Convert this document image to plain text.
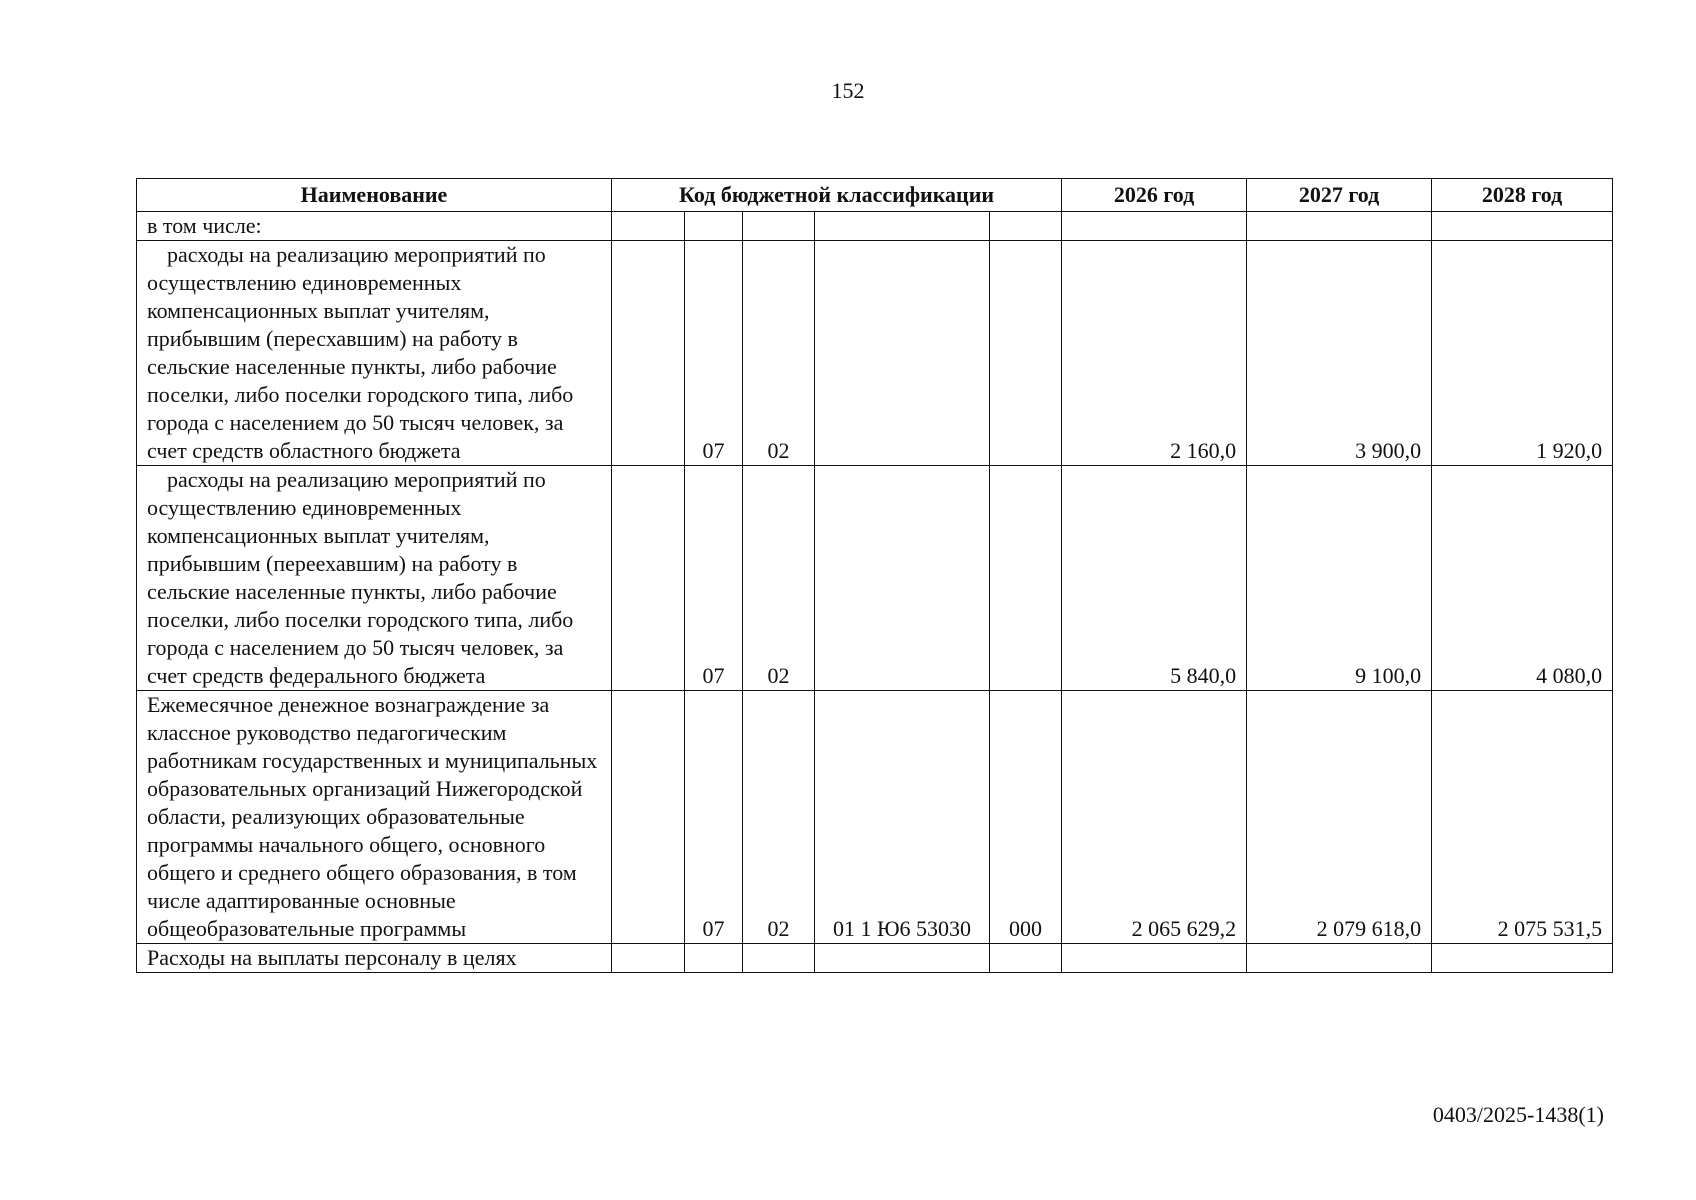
152
Наименование	Код бюджетной классификации					2026 год	2027 год	2028 год
в том числе:								
расходы на реализацию мероприятий по осуществлению единовременных компенсационных выплат учителям, прибывшим (пересхавшим) на работу в сельские населенные пункты, либо рабочие поселки, либо поселки городского типа, либо города с населением до 50 тысяч человек, за счет средств областного бюджета		07	02			2 160,0	3 900,0	1 920,0
расходы на реализацию мероприятий по осуществлению единовременных компенсационных выплат учителям, прибывшим (переехавшим) на работу в сельские населенные пункты, либо рабочие поселки, либо поселки городского типа, либо города с населением до 50 тысяч человек, за счет средств федерального бюджета		07	02			5 840,0	9 100,0	4 080,0
Ежемесячное денежное вознаграждение за классное руководство педагогическим работникам государственных и муниципальных образовательных организаций Нижегородской области, реализующих образовательные программы начального общего, основного общего и среднего общего образования, в том числе адаптированные основные общеобразовательные программы		07	02	01 1 Ю6 53030	000	2 065 629,2	2 079 618,0	2 075 531,5
Расходы на выплаты персоналу в целях								
0403/2025-1438(1)
